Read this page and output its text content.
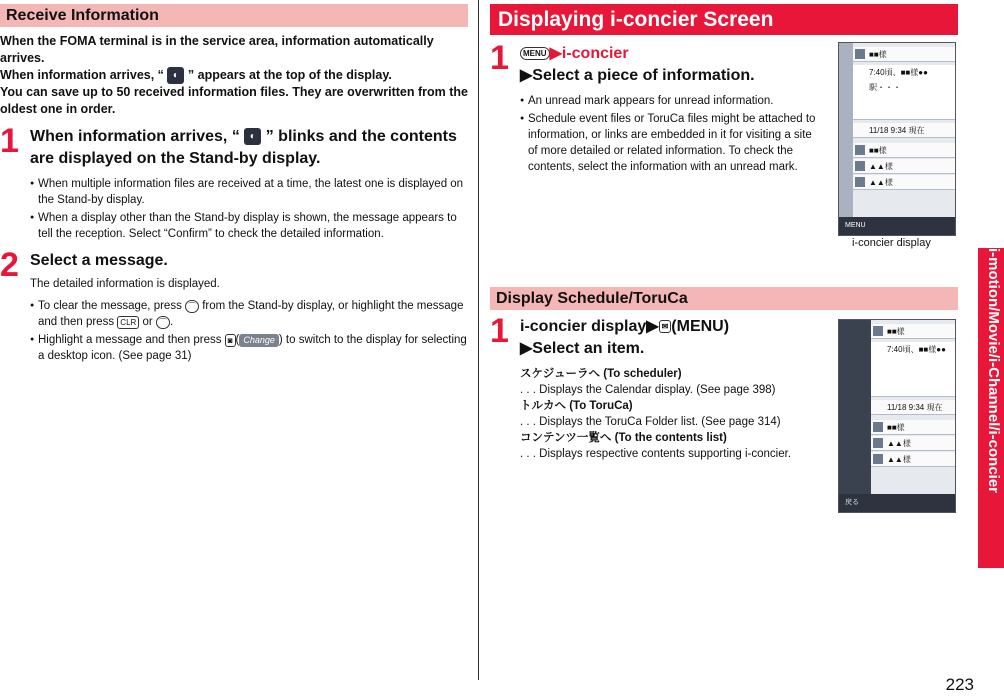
Receive Information
When the FOMA terminal is in the service area, information automatically arrives.
When information arrives, “ ◐ ” appears at the top of the display.
You can save up to 50 received information files. They are overwritten from the oldest one in order.
1 When information arrives, “ ◐ ” blinks and the contents are displayed on the Stand-by display.
● When multiple information files are received at a time, the latest one is displayed on the Stand-by display.
● When a display other than the Stand-by display is shown, the message appears to tell the reception. Select “Confirm” to check the detailed information.
2 Select a message.
The detailed information is displayed.
● To clear the message, press ⌒ from the Stand-by display, or highlight the message and then press CLR or ⌒ .
● Highlight a message and then press ◙ ( Change ) to switch to the display for selecting a desktop icon. (See page 31)
Displaying i-concier Screen
1	MENU ▶i-concier
▶Select a piece of information.
● An unread mark appears for unread information.
● Schedule event files or ToruCa files might be attached to information, or links are embedded in it for visiting a site of more detailed or related information. To check the contents, select the information with an unread mark.
Display Schedule/ToruCa
1 i-concier display▶ ✉ (MENU)
▶Select an item.
スケジューラへ (To scheduler)
. . . Displays the Calendar display. (See page 398)
トルカへ (To ToruCa)
. . . Displays the ToruCa Folder list. (See page 314)
コンテンツ一覧へ (To the contents list)
. . . Displays respective contents supporting i-concier.
■■様
7:40頃、■■様●●駅・・・
11/18 9:34 現在
■■様
▲▲様
▲▲様
MENU
i-concier display
■■様
7:40頃、■■様●●
11/18 9:34 現在
■■様
▲▲様
▲▲様
戻る
i-motion/Movie/i-Channel/i-concier
223
